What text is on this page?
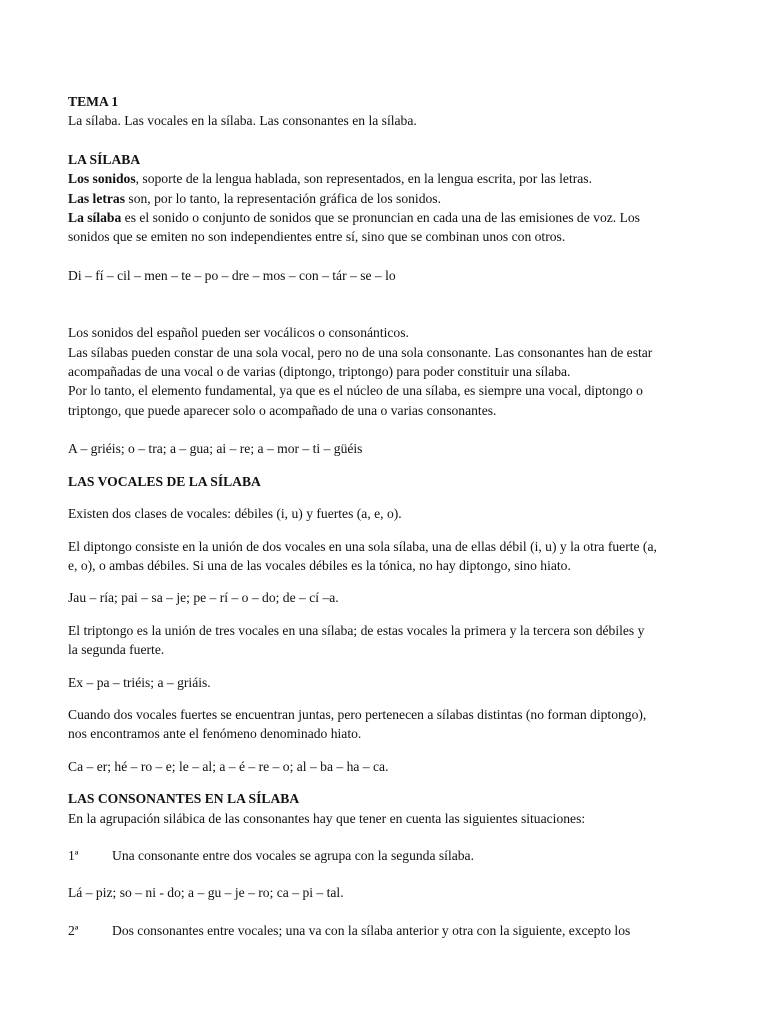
TEMA 1

La sílaba. Las vocales en la sílaba. Las consonantes en la sílaba.

LA SÍLABA

Los sonidos, soporte de la lengua hablada, son representados, en la lengua escrita, por las letras.

Las letras son, por lo tanto, la representación gráfica de los sonidos.

La sílaba es el sonido o conjunto de sonidos que se pronuncian en cada una de las emisiones de voz. Los

sonidos que se emiten no son independientes entre sí, sino que se combinan unos con otros.

Di – fí – cil – men – te – po – dre – mos – con – tár – se – lo

Los sonidos del español pueden ser vocálicos o consonánticos.

Las sílabas pueden constar de una sola vocal, pero no de una sola consonante. Las consonantes han de estar

acompañadas de una vocal o de varias (diptongo, triptongo) para poder constituir una sílaba.

Por lo tanto, el elemento fundamental, ya que es el núcleo de una sílaba, es siempre una vocal, diptongo o

triptongo, que puede aparecer solo o acompañado de una o varias consonantes.

A – griéis; o – tra; a – gua; ai – re; a – mor – ti – güéis

LAS VOCALES DE LA SÍLABA

Existen dos clases de vocales: débiles (i, u) y fuertes (a, e, o).

El diptongo consiste en la unión de dos vocales en una sola sílaba, una de ellas débil (i, u) y la otra fuerte (a,

e, o), o ambas débiles. Si una de las vocales débiles es la tónica, no hay diptongo, sino hiato.

Jau – ría; pai – sa – je; pe – rí – o – do; de – cí –a.

El triptongo es la unión de tres vocales en una sílaba; de estas vocales la primera y la tercera son débiles y

la segunda fuerte.

Ex – pa – triéis; a – griáis.

Cuando dos vocales fuertes se encuentran juntas, pero pertenecen a sílabas distintas (no forman diptongo),

nos encontramos ante el fenómeno denominado hiato.

Ca – er; hé – ro – e; le – al; a – é – re – o; al – ba – ha – ca.

LAS CONSONANTES EN LA SÍLABA

En la agrupación silábica de las consonantes hay que tener en cuenta las siguientes situaciones:

1ª	Una consonante entre dos vocales se agrupa con la segunda sílaba.

Lá – piz; so – ni - do; a – gu – je – ro; ca – pi – tal.

2ª	Dos consonantes entre vocales; una va con la sílaba anterior y otra con la siguiente, excepto los
